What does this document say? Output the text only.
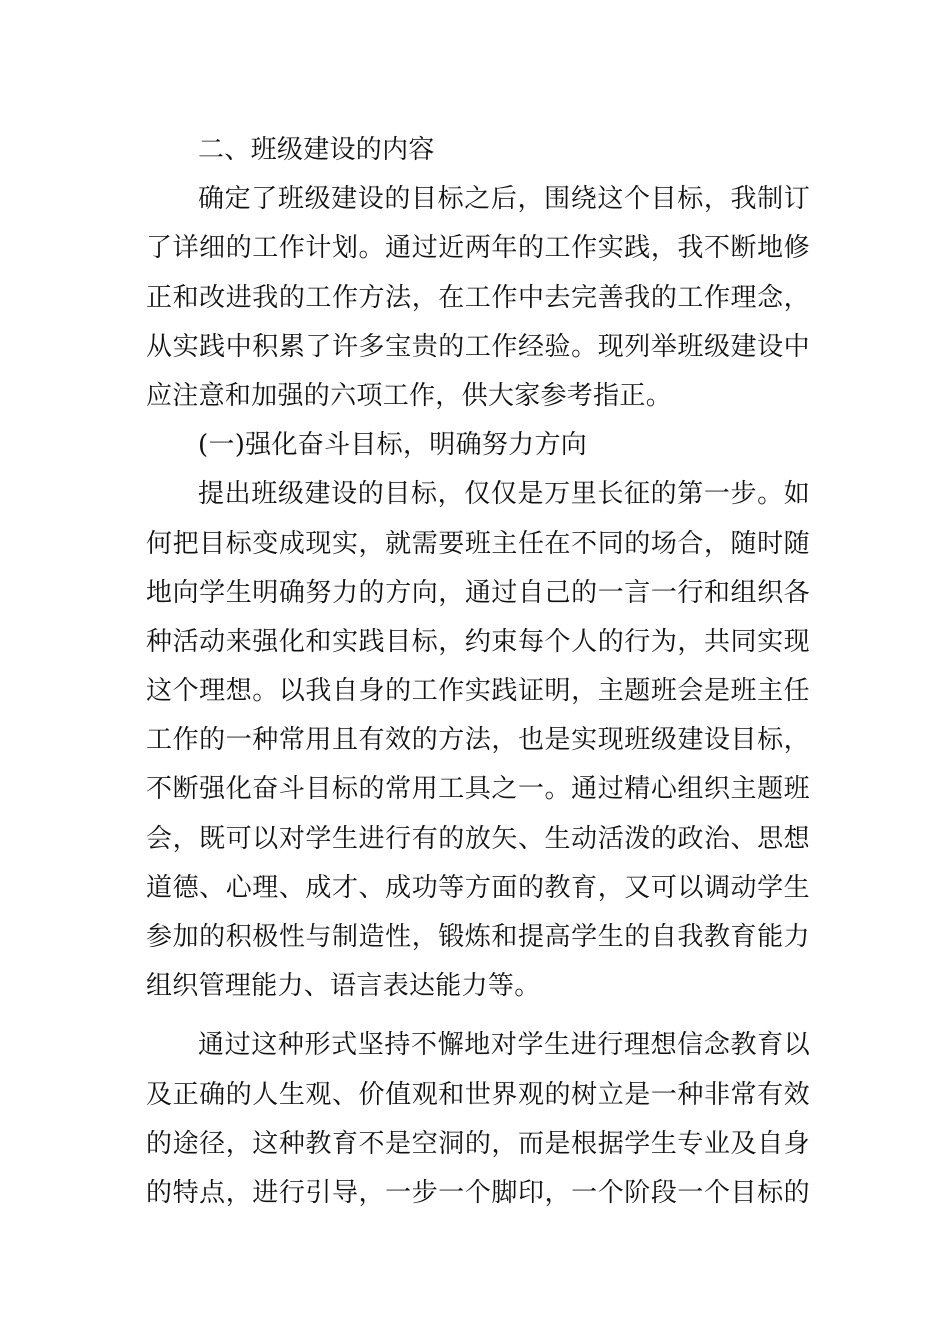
二、班级建设的内容
确定了班级建设的目标之后，围绕这个目标，我制订
了详细的工作计划。通过近两年的工作实践，我不断地修
正和改进我的工作方法，在工作中去完善我的工作理念，
从实践中积累了许多宝贵的工作经验。现列举班级建设中
应注意和加强的六项工作，供大家参考指正。
(一)强化奋斗目标，明确努力方向
提出班级建设的目标，仅仅是万里长征的第一步。如
何把目标变成现实，就需要班主任在不同的场合，随时随
地向学生明确努力的方向，通过自己的一言一行和组织各
种活动来强化和实践目标，约束每个人的行为，共同实现
这个理想。以我自身的工作实践证明，主题班会是班主任
工作的一种常用且有效的方法，也是实现班级建设目标，
不断强化奋斗目标的常用工具之一。通过精心组织主题班
会，既可以对学生进行有的放矢、生动活泼的政治、思想
道德、心理、成才、成功等方面的教育，又可以调动学生
参加的积极性与制造性，锻炼和提高学生的自我教育能力
组织管理能力、语言表达能力等。
通过这种形式坚持不懈地对学生进行理想信念教育以
及正确的人生观、价值观和世界观的树立是一种非常有效
的途径，这种教育不是空洞的，而是根据学生专业及自身
的特点，进行引导，一步一个脚印，一个阶段一个目标的
